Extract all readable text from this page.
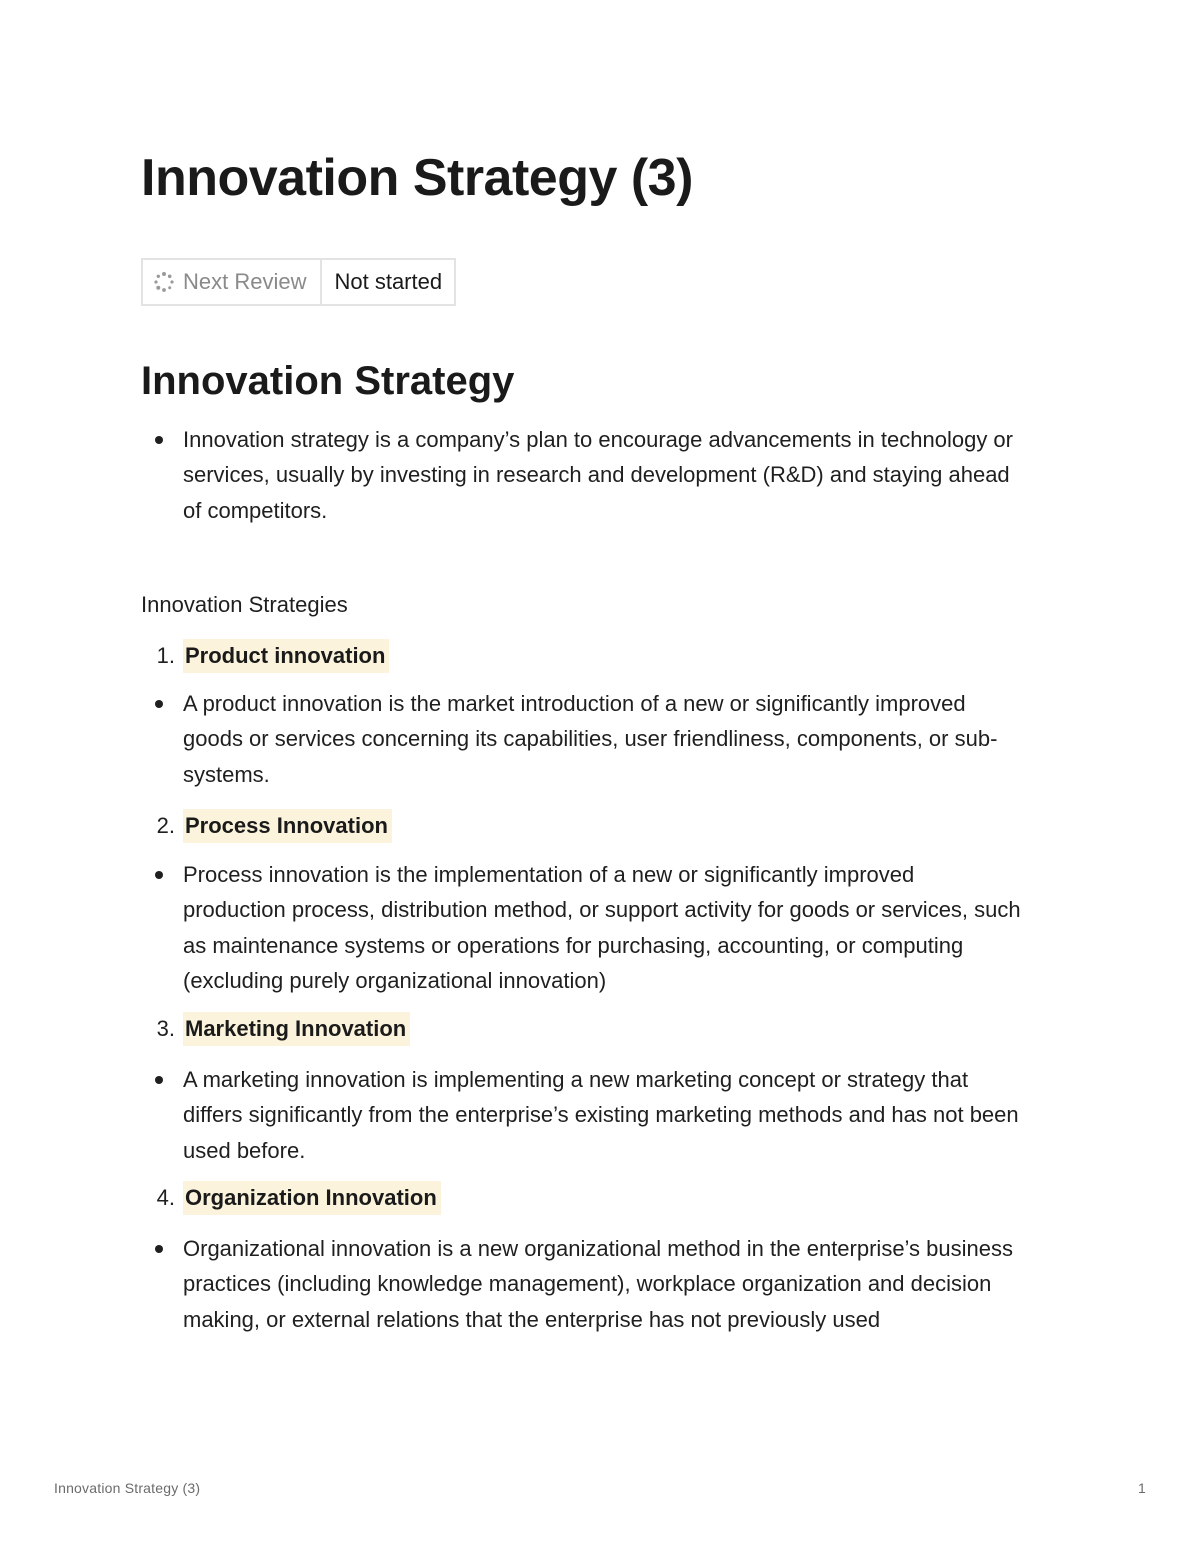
Innovation Strategy (3)
Next Review	Not started
Innovation Strategy
Innovation strategy is a company’s plan to encourage advancements in technology or services, usually by investing in research and development (R&D) and staying ahead of competitors.
Innovation Strategies
1. Product innovation
A product innovation is the market introduction of a new or significantly improved goods or services concerning its capabilities, user friendliness, components, or sub-systems.
2. Process Innovation
Process innovation is the implementation of a new or significantly improved production process, distribution method, or support activity for goods or services, such as maintenance systems or operations for purchasing, accounting, or computing (excluding purely organizational innovation)
3. Marketing Innovation
A marketing innovation is implementing a new marketing concept or strategy that differs significantly from the enterprise’s existing marketing methods and has not been used before.
4. Organization Innovation
Organizational innovation is a new organizational method in the enterprise’s business practices (including knowledge management), workplace organization and decision making, or external relations that the enterprise has not previously used
Innovation Strategy (3)	1
